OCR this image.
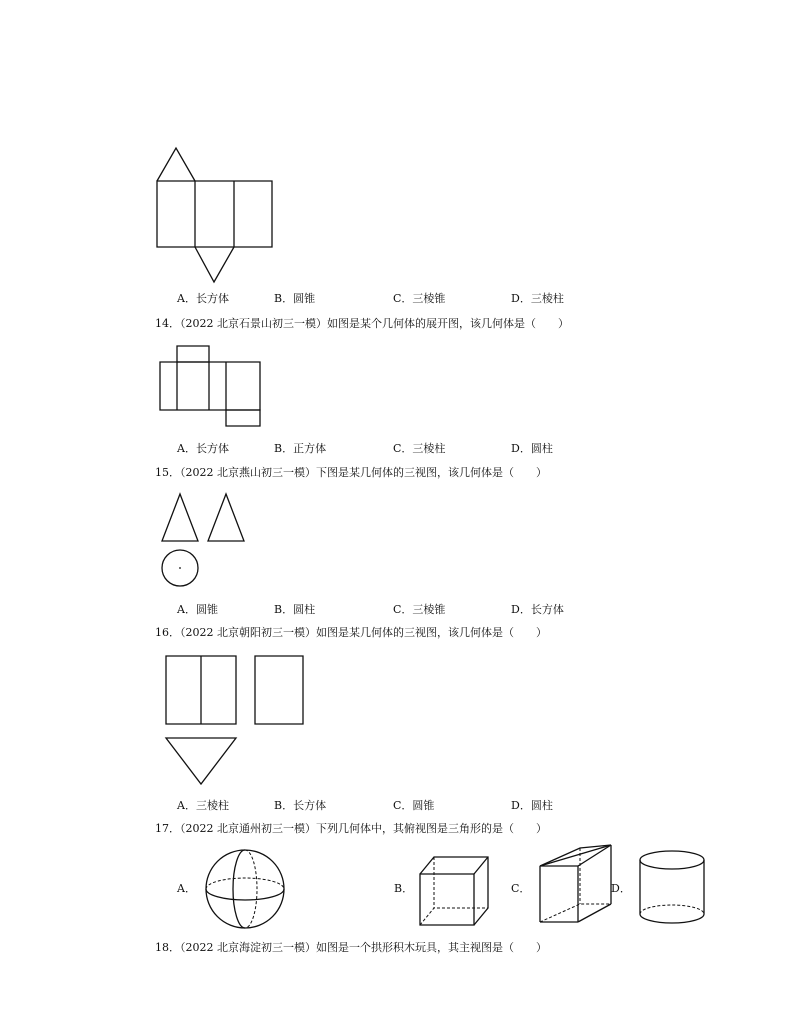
A．长方体	B．圆锥	C．三棱锥	D．三棱柱
14．（2022 北京石景山初三一模）如图是某个几何体的展开图，该几何体是（　　）
A．长方体	B．正方体	C．三棱柱	D．圆柱
15．（2022 北京燕山初三一模）下图是某几何体的三视图，该几何体是（　　）
A．圆锥	B．圆柱	C．三棱锥	D．长方体
16．（2022 北京朝阳初三一模）如图是某几何体的三视图，该几何体是（　　）
A．三棱柱	B．长方体	C．圆锥	D．圆柱
17．（2022 北京通州初三一模）下列几何体中，其俯视图是三角形的是（　　）
A．	B．	C．	D．
18．（2022 北京海淀初三一模）如图是一个拱形积木玩具，其主视图是（　　）
